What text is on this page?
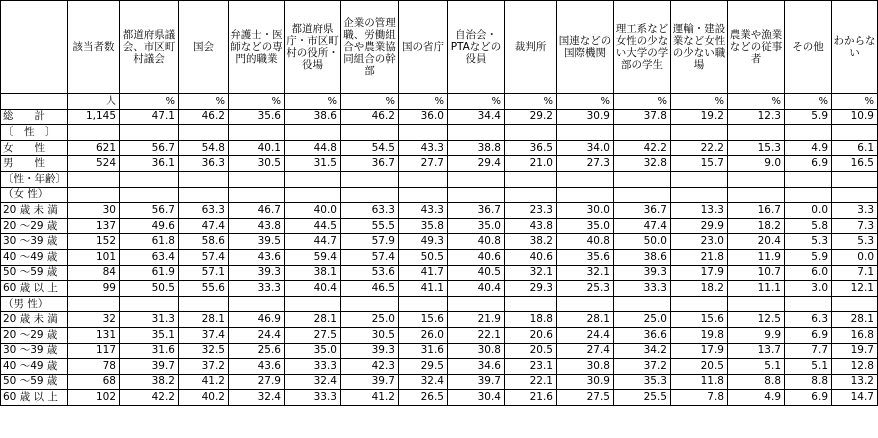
	該当者数	都道府県議会、市区町村議会	国会	弁護士・医師などの専門的職業	都道府県庁・市区町村の役所・役場	企業の管理職、労働組合や農業協同組合の幹部	国の省庁	自治会・PTAなどの役員	裁判所	国連などの国際機関	理工系など女性の少ない大学の学部の学生	運輸・建設業など女性の少ない職場	農業や漁業などの従事者	その他	わからない
	人	%	%	%	%	%	%	%	%	%	%	%	%	%	%
総　　計	1,145	47.1	46.2	35.6	38.6	46.2	36.0	34.4	29.2	30.9	37.8	19.2	12.3	5.9	10.9
〔　性　〕															
女　　性	621	56.7	54.8	40.1	44.8	54.5	43.3	38.8	36.5	34.0	42.2	22.2	15.3	4.9	6.1
男　　性	524	36.1	36.3	30.5	31.5	36.7	27.7	29.4	21.0	27.3	32.8	15.7	9.0	6.9	16.5
〔性・年齢〕															
（女 性）															
20 歳 未 満	30	56.7	63.3	46.7	40.0	63.3	43.3	36.7	23.3	30.0	36.7	13.3	16.7	0.0	3.3
20 ～29 歳	137	49.6	47.4	43.8	44.5	55.5	35.8	35.0	43.8	35.0	47.4	29.9	18.2	5.8	7.3
30 ～39 歳	152	61.8	58.6	39.5	44.7	57.9	49.3	40.8	38.2	40.8	50.0	23.0	20.4	5.3	5.3
40 ～49 歳	101	63.4	57.4	43.6	59.4	57.4	50.5	40.6	40.6	35.6	38.6	21.8	11.9	5.9	0.0
50 ～59 歳	84	61.9	57.1	39.3	38.1	53.6	41.7	40.5	32.1	32.1	39.3	17.9	10.7	6.0	7.1
60 歳 以 上	99	50.5	55.6	33.3	40.4	46.5	41.1	40.4	29.3	25.3	33.3	18.2	11.1	3.0	12.1
（男 性）															
20 歳 未 満	32	31.3	28.1	46.9	28.1	25.0	15.6	21.9	18.8	28.1	25.0	15.6	12.5	6.3	28.1
20 ～29 歳	131	35.1	37.4	24.4	27.5	30.5	26.0	22.1	20.6	24.4	36.6	19.8	9.9	6.9	16.8
30 ～39 歳	117	31.6	32.5	25.6	35.0	39.3	31.6	30.8	20.5	27.4	34.2	17.9	13.7	7.7	19.7
40 ～49 歳	78	39.7	37.2	43.6	33.3	42.3	29.5	34.6	23.1	30.8	37.2	20.5	5.1	5.1	12.8
50 ～59 歳	68	38.2	41.2	27.9	32.4	39.7	32.4	39.7	22.1	30.9	35.3	11.8	8.8	8.8	13.2
60 歳 以 上	102	42.2	40.2	32.4	33.3	41.2	26.5	30.4	21.6	27.5	25.5	7.8	4.9	6.9	14.7
